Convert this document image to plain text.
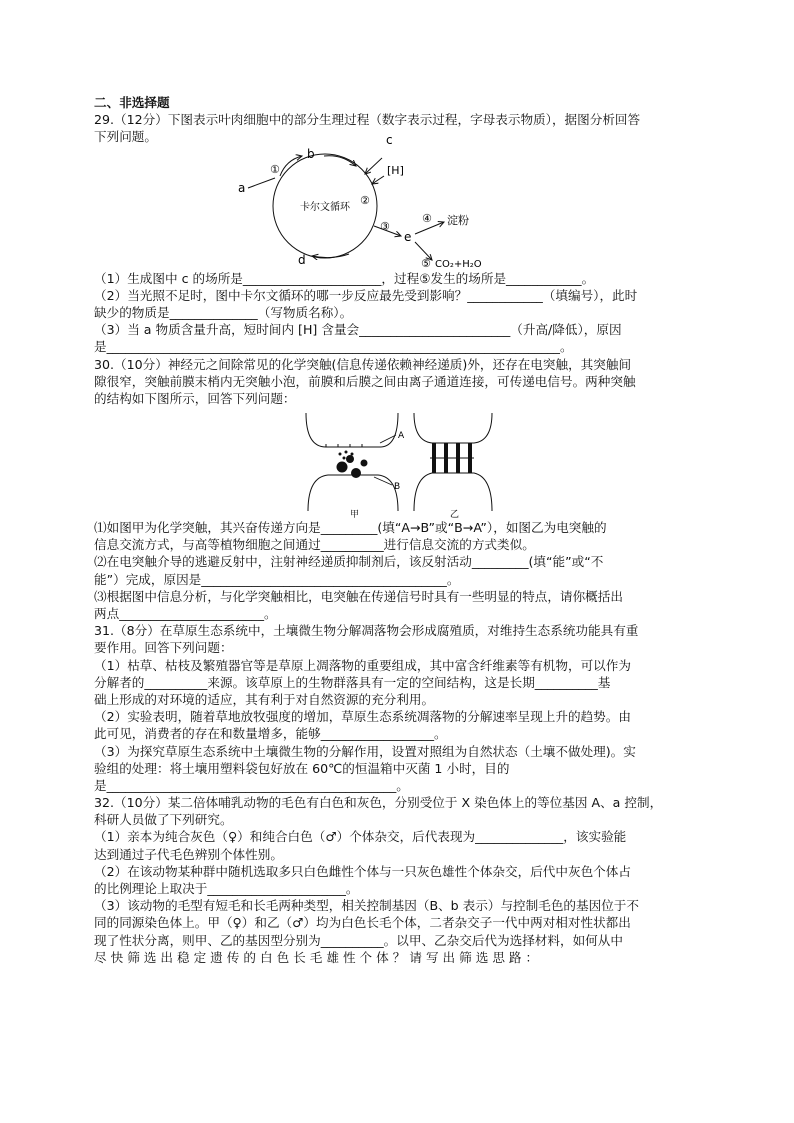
二、非选择题
29.（12分）下图表示叶肉细胞中的部分生理过程（数字表示过程，字母表示物质），据图分析回答
下列问题。
卡尔文循环
①
b
c
[H]
②
a
③
e
④ 淀粉
⑤ CO₂+H₂O
d
（1）生成图中 c 的场所是______________________，过程⑤发生的场所是____________。
（2）当光照不足时，图中卡尔文循环的哪一步反应最先受到影响？____________（填编号），此时
缺少的物质是______________（写物质名称）。
（3）当 a 物质含量升高，短时间内 [H] 含量会________________________（升高/降低），原因
是________________________________________________________________________。
30.（10分）神经元之间除常见的化学突触(信息传递依赖神经递质)外，还存在电突触，其突触间
隙很窄，突触前膜末梢内无突触小泡，前膜和后膜之间由离子通道连接，可传递电信号。两种突触
的结构如下图所示，回答下列问题：
A
B
甲	乙
⑴如图甲为化学突触，其兴奋传递方向是_________(填“A→B”或“B→A”），如图乙为电突触的
信息交流方式，与高等植物细胞之间通过__________进行信息交流的方式类似。
⑵在电突触介导的逃避反射中，注射神经递质抑制剂后，该反射活动_________(填“能”或“不
能”）完成，原因是_______________________________________。
⑶根据图中信息分析，与化学突触相比，电突触在传递信号时具有一些明显的特点，请你概括出
两点_______________________。
31.（8分）在草原生态系统中，土壤微生物分解凋落物会形成腐殖质，对维持生态系统功能具有重
要作用。回答下列问题：
（1）枯草、枯枝及繁殖器官等是草原上凋落物的重要组成，其中富含纤维素等有机物，可以作为
分解者的__________来源。该草原上的生物群落具有一定的空间结构，这是长期__________基
础上形成的对环境的适应，其有利于对自然资源的充分利用。
（2）实验表明，随着草地放牧强度的增加，草原生态系统凋落物的分解速率呈现上升的趋势。由
此可见，消费者的存在和数量增多，能够__________________。
（3）为探究草原生态系统中土壤微生物的分解作用，设置对照组为自然状态（土壤不做处理)。实
验组的处理：将土壤用塑料袋包好放在 60℃的恒温箱中灭菌 1 小时，目的
是______________________________________________。
32.（10分）某二倍体哺乳动物的毛色有白色和灰色，分别受位于 X 染色体上的等位基因 A、a 控制，
科研人员做了下列研究。
（1）亲本为纯合灰色（♀）和纯合白色（♂）个体杂交，后代表现为______________，该实验能
达到通过子代毛色辨别个体性别。
（2）在该动物某种群中随机选取多只白色雌性个体与一只灰色雄性个体杂交，后代中灰色个体占
的比例理论上取决于______________________。
（3）该动物的毛型有短毛和长毛两种类型，相关控制基因（B、b 表示）与控制毛色的基因位于不
同的同源染色体上。甲（♀）和乙（♂）均为白色长毛个体，二者杂交子一代中两对相对性状都出
现了性状分离，则甲、乙的基因型分别为__________。以甲、乙杂交后代为选择材料，如何从中
尽 快 筛 选 出 稳 定 遗 传 的 白 色 长 毛 雄 性 个 体 ？ 请 写 出 筛 选 思 路 ：
